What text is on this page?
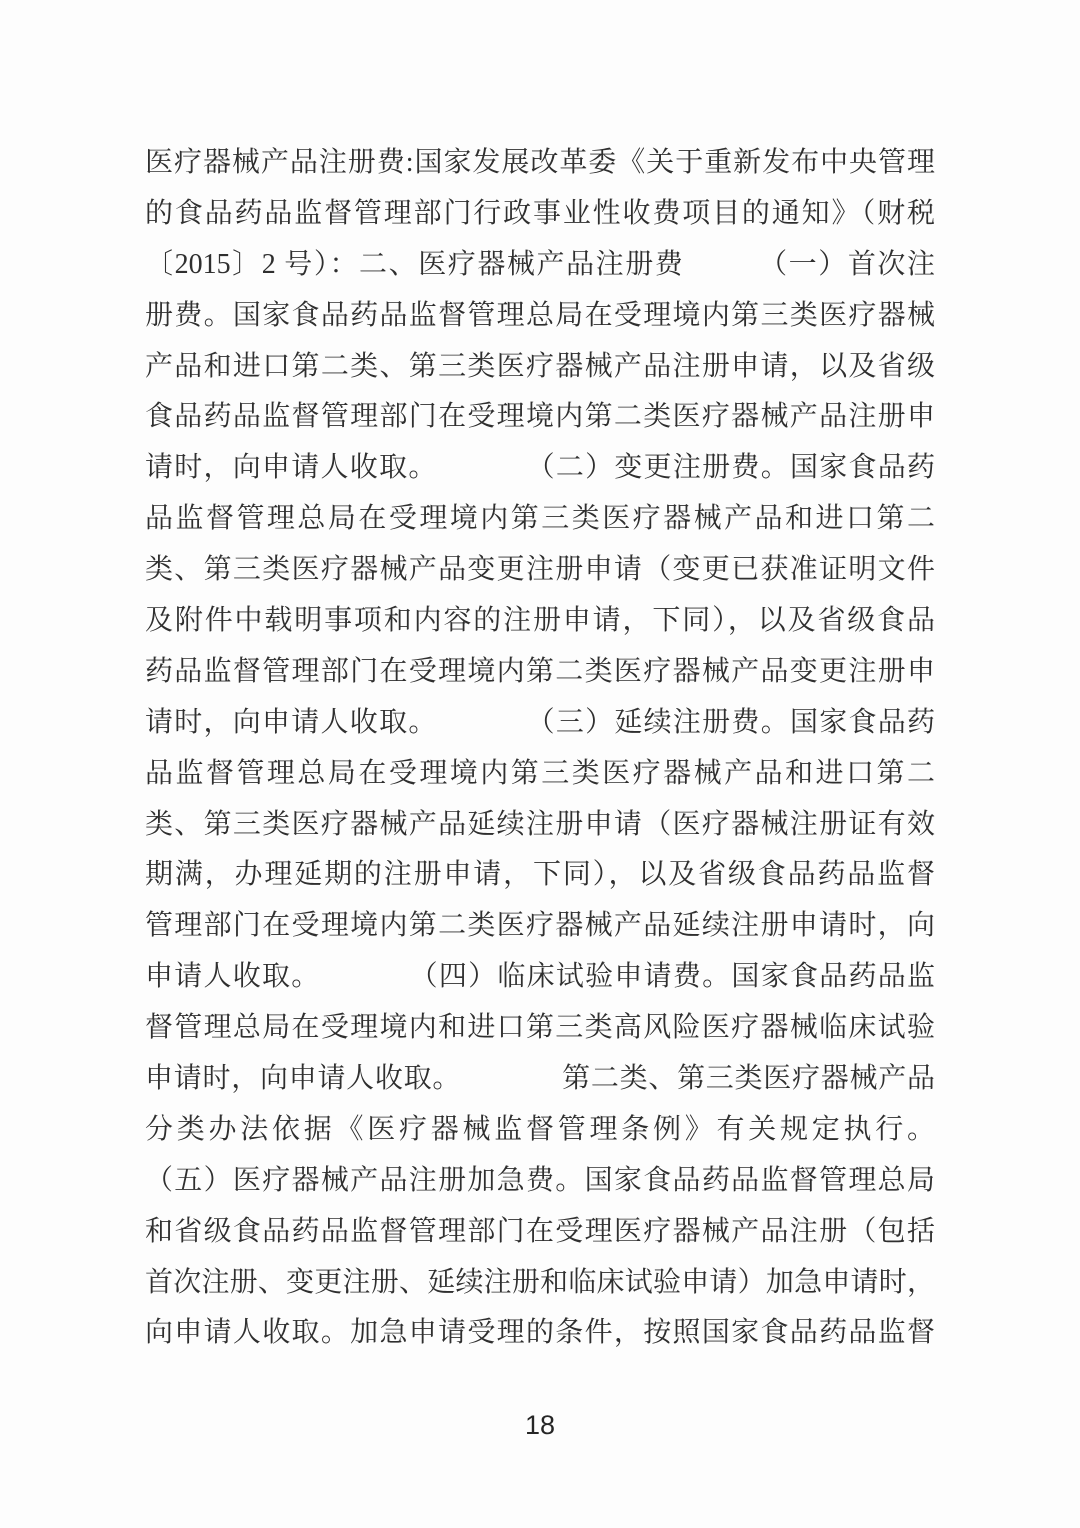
医疗器械产品注册费:国家发展改革委《关于重新发布中央管理
的食品药品监督管理部门行政事业性收费项目的通知》（财税
〔2015〕2 号）：二、医疗器械产品注册费　　　（一）首次注
册费。国家食品药品监督管理总局在受理境内第三类医疗器械
产品和进口第二类、第三类医疗器械产品注册申请，以及省级
食品药品监督管理部门在受理境内第二类医疗器械产品注册申
请时，向申请人收取。　　　　（二）变更注册费。国家食品药
品监督管理总局在受理境内第三类医疗器械产品和进口第二
类、第三类医疗器械产品变更注册申请（变更已获准证明文件
及附件中载明事项和内容的注册申请，下同），以及省级食品
药品监督管理部门在受理境内第二类医疗器械产品变更注册申
请时，向申请人收取。　　　　（三）延续注册费。国家食品药
品监督管理总局在受理境内第三类医疗器械产品和进口第二
类、第三类医疗器械产品延续注册申请（医疗器械注册证有效
期满，办理延期的注册申请，下同），以及省级食品药品监督
管理部门在受理境内第二类医疗器械产品延续注册申请时，向
申请人收取。　　　　（四）临床试验申请费。国家食品药品监
督管理总局在受理境内和进口第三类高风险医疗器械临床试验
申请时，向申请人收取。　　　　第二类、第三类医疗器械产品
分类办法依据《医疗器械监督管理条例》有关规定执行。
（五）医疗器械产品注册加急费。国家食品药品监督管理总局
和省级食品药品监督管理部门在受理医疗器械产品注册（包括
首次注册、变更注册、延续注册和临床试验申请）加急申请时，
向申请人收取。加急申请受理的条件，按照国家食品药品监督
18
